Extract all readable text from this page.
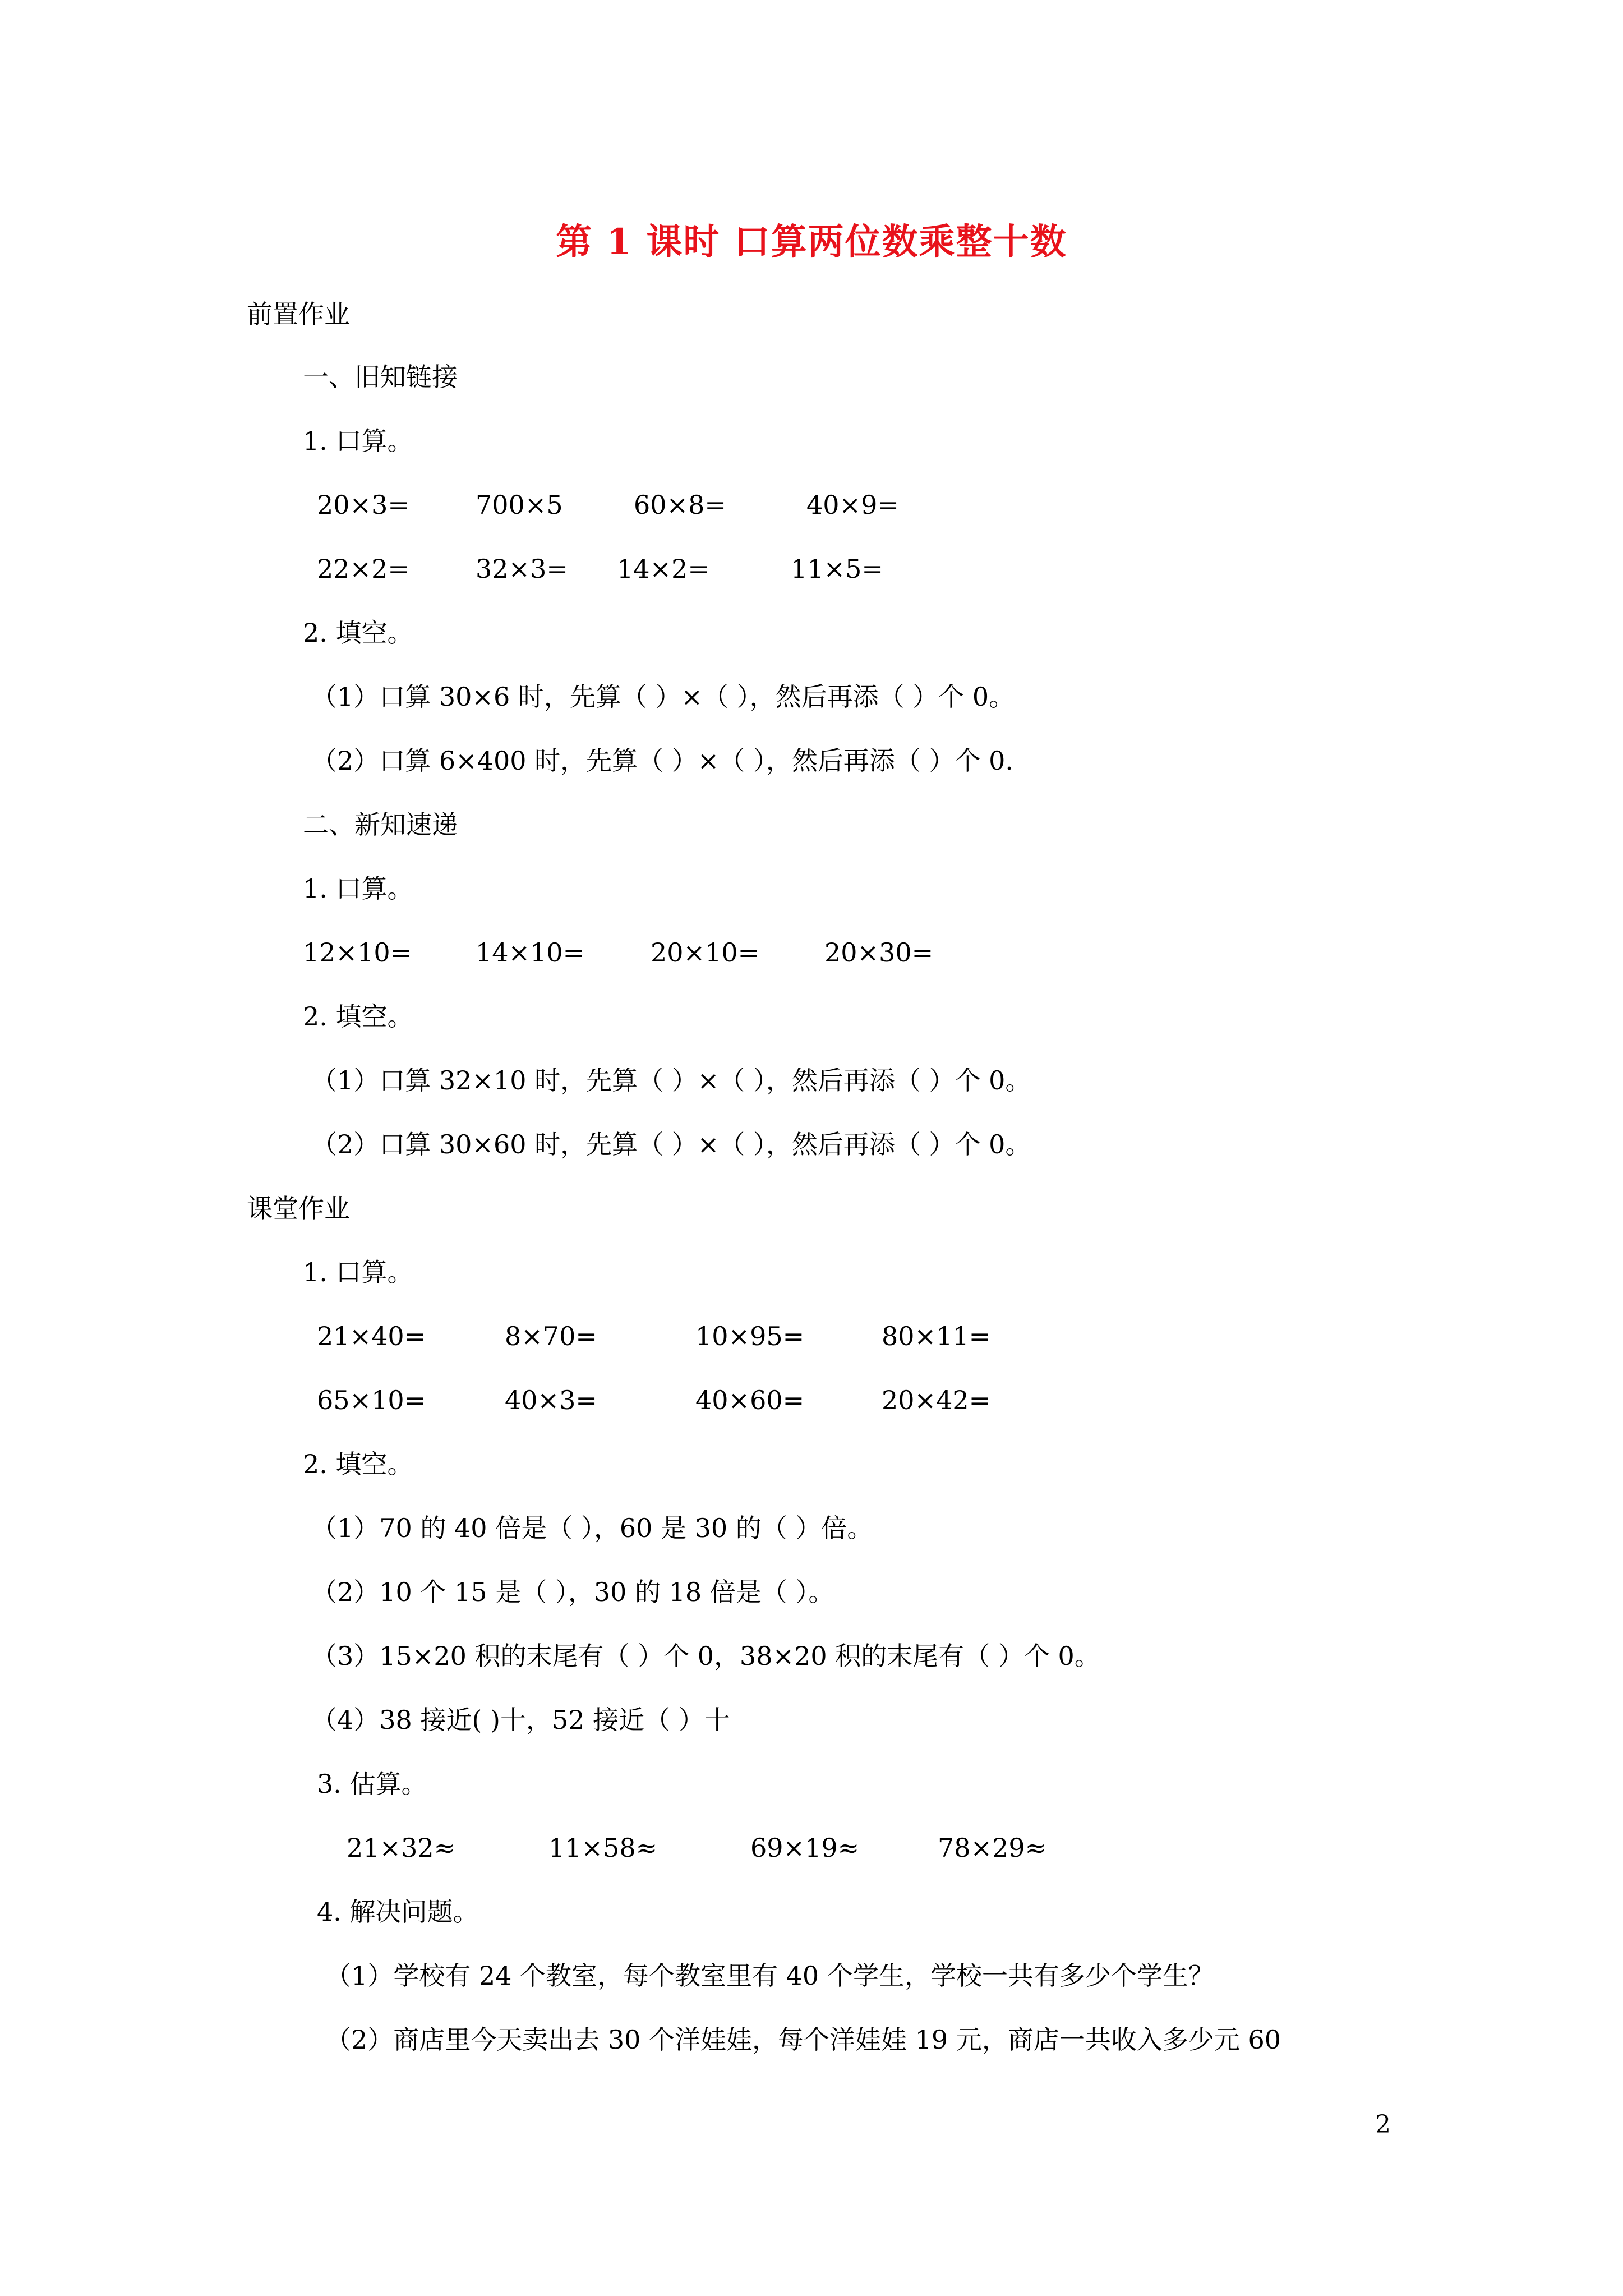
第 1 课时 口算两位数乘整十数
前置作业
一、旧知链接
1. 口算。
20×3=	700×5	60×8=	40×9=
22×2=	32×3= 14×2=	11×5=
2. 填空。
（1）口算 30×6 时，先算（ ）×（ ），然后再添（ ）个 0。
（2）口算 6×400 时，先算（ ）×（ ），然后再添（ ）个 0.
二、新知速递
1. 口算。
12×10= 14×10=	20×10=	20×30=
2. 填空。
（1）口算 32×10 时，先算（ ）×（ ），然后再添（ ）个 0。
（2）口算 30×60 时，先算（ ）×（ ），然后再添（ ）个 0。
课堂作业
1. 口算。
21×40=	8×70=	10×95=	80×11=
65×10=	40×3=	40×60=	20×42=
2. 填空。
（1）70 的 40 倍是（ ），60 是 30 的（ ）倍。
（2）10 个 15 是（ ），30 的 18 倍是（ ）。
（3）15×20 积的末尾有（ ）个 0，38×20 积的末尾有（ ）个 0。
（4）38 接近( )十，52 接近（ ）十
3. 估算。
21×32≈	11×58≈	69×19≈	78×29≈
4. 解决问题。
（1）学校有 24 个教室，每个教室里有 40 个学生，学校一共有多少个学生？
（2）商店里今天卖出去 30 个洋娃娃，每个洋娃娃 19 元，商店一共收入多少元 60
2
